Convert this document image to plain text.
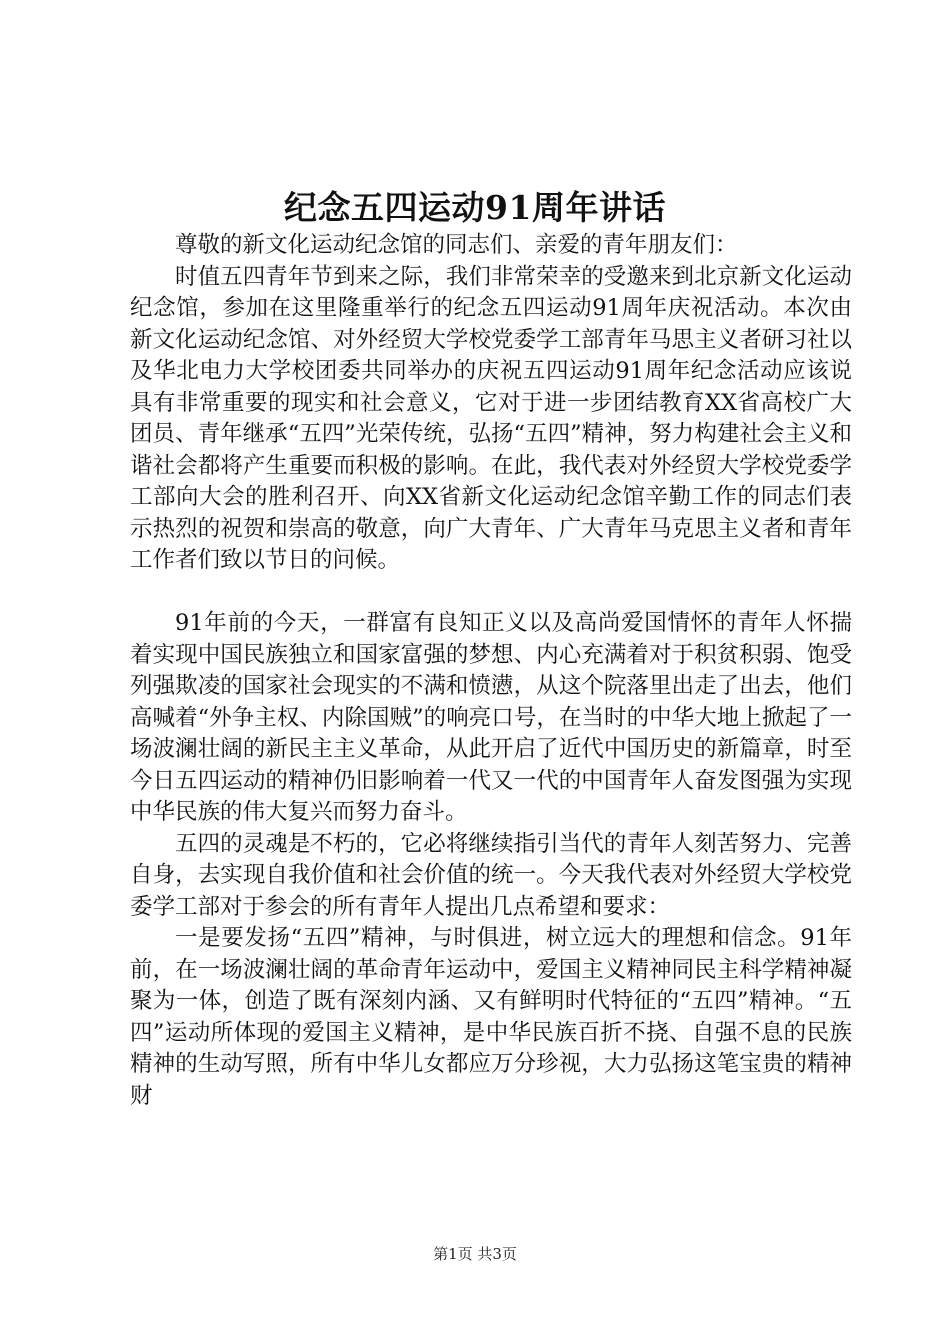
纪念五四运动91周年讲话

尊敬的新文化运动纪念馆的同志们、亲爱的青年朋友们：

时值五四青年节到来之际，我们非常荣幸的受邀来到北京新文化运动纪念馆，参加在这里隆重举行的纪念五四运动91周年庆祝活动。本次由新文化运动纪念馆、对外经贸大学校党委学工部青年马思主义者研习社以及华北电力大学校团委共同举办的庆祝五四运动91周年纪念活动应该说具有非常重要的现实和社会意义，它对于进一步团结教育XX省高校广大团员、青年继承“五四”光荣传统，弘扬“五四”精神，努力构建社会主义和谐社会都将产生重要而积极的影响。在此，我代表对外经贸大学校党委学工部向大会的胜利召开、向XX省新文化运动纪念馆辛勤工作的同志们表示热烈的祝贺和崇高的敬意，向广大青年、广大青年马克思主义者和青年工作者们致以节日的问候。

91年前的今天，一群富有良知正义以及高尚爱国情怀的青年人怀揣着实现中国民族独立和国家富强的梦想、内心充满着对于积贫积弱、饱受列强欺凌的国家社会现实的不满和愤懑，从这个院落里出走了出去，他们高喊着“外争主权、内除国贼”的响亮口号，在当时的中华大地上掀起了一场波澜壮阔的新民主主义革命，从此开启了近代中国历史的新篇章，时至今日五四运动的精神仍旧影响着一代又一代的中国青年人奋发图强为实现中华民族的伟大复兴而努力奋斗。

五四的灵魂是不朽的，它必将继续指引当代的青年人刻苦努力、完善自身，去实现自我价值和社会价值的统一。今天我代表对外经贸大学校党委学工部对于参会的所有青年人提出几点希望和要求：

一是要发扬“五四”精神，与时俱进，树立远大的理想和信念。91年前，在一场波澜壮阔的革命青年运动中，爱国主义精神同民主科学精神凝聚为一体，创造了既有深刻内涵、又有鲜明时代特征的“五四”精神。“五四”运动所体现的爱国主义精神，是中华民族百折不挠、自强不息的民族精神的生动写照，所有中华儿女都应万分珍视，大力弘扬这笔宝贵的精神财

第1页 共3页
